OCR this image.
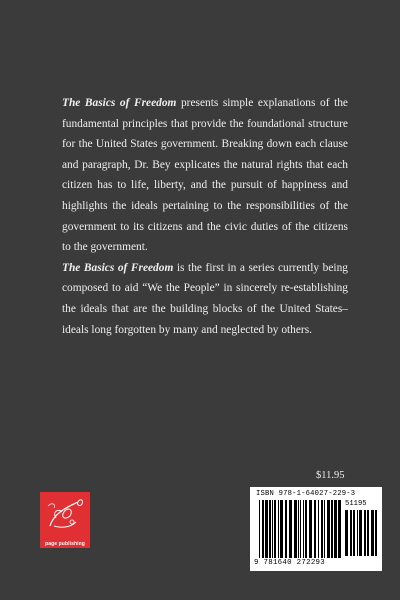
The Basics of Freedom presents simple explanations of the fundamental principles that provide the foundational structure for the United States government. Breaking down each clause and paragraph, Dr. Bey explicates the natural rights that each citizen has to life, liberty, and the pursuit of happiness and highlights the ideals pertaining to the responsibilities of the government to its citizens and the civic duties of the citizens to the government.

The Basics of Freedom is the first in a series currently being composed to aid “We the People” in sincerely re-establishing the ideals that are the building blocks of the United States–ideals long forgotten by many and neglected by others.

$11.95
page publishing
ISBN 978-1-64027-229-3
51195
9 781640 272293
